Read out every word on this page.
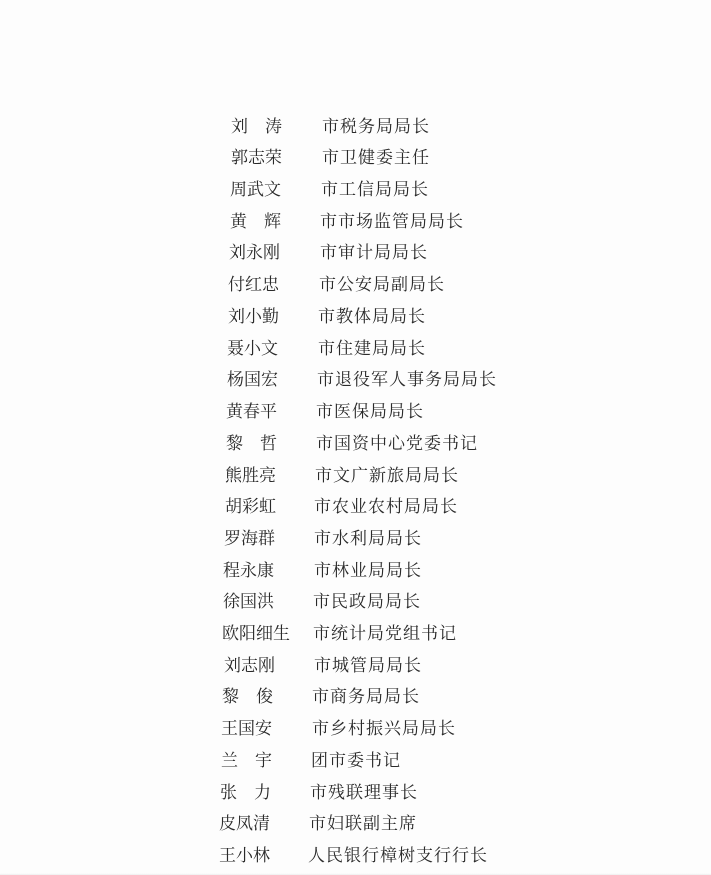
刘　涛	市税务局局长
郭志荣	市卫健委主任
周武文	市工信局局长
黄　辉	市市场监管局局长
刘永刚	市审计局局长
付红忠	市公安局副局长
刘小勤	市教体局局长
聂小文	市住建局局长
杨国宏	市退役军人事务局局长
黄春平	市医保局局长
黎　哲	市国资中心党委书记
熊胜亮	市文广新旅局局长
胡彩虹	市农业农村局局长
罗海群	市水利局局长
程永康	市林业局局长
徐国洪	市民政局局长
欧阳细生	市统计局党组书记
刘志刚	市城管局局长
黎　俊	市商务局局长
王国安	市乡村振兴局局长
兰　宇	团市委书记
张　力	市残联理事长
皮凤清	市妇联副主席
王小林	人民银行樟树支行行长
